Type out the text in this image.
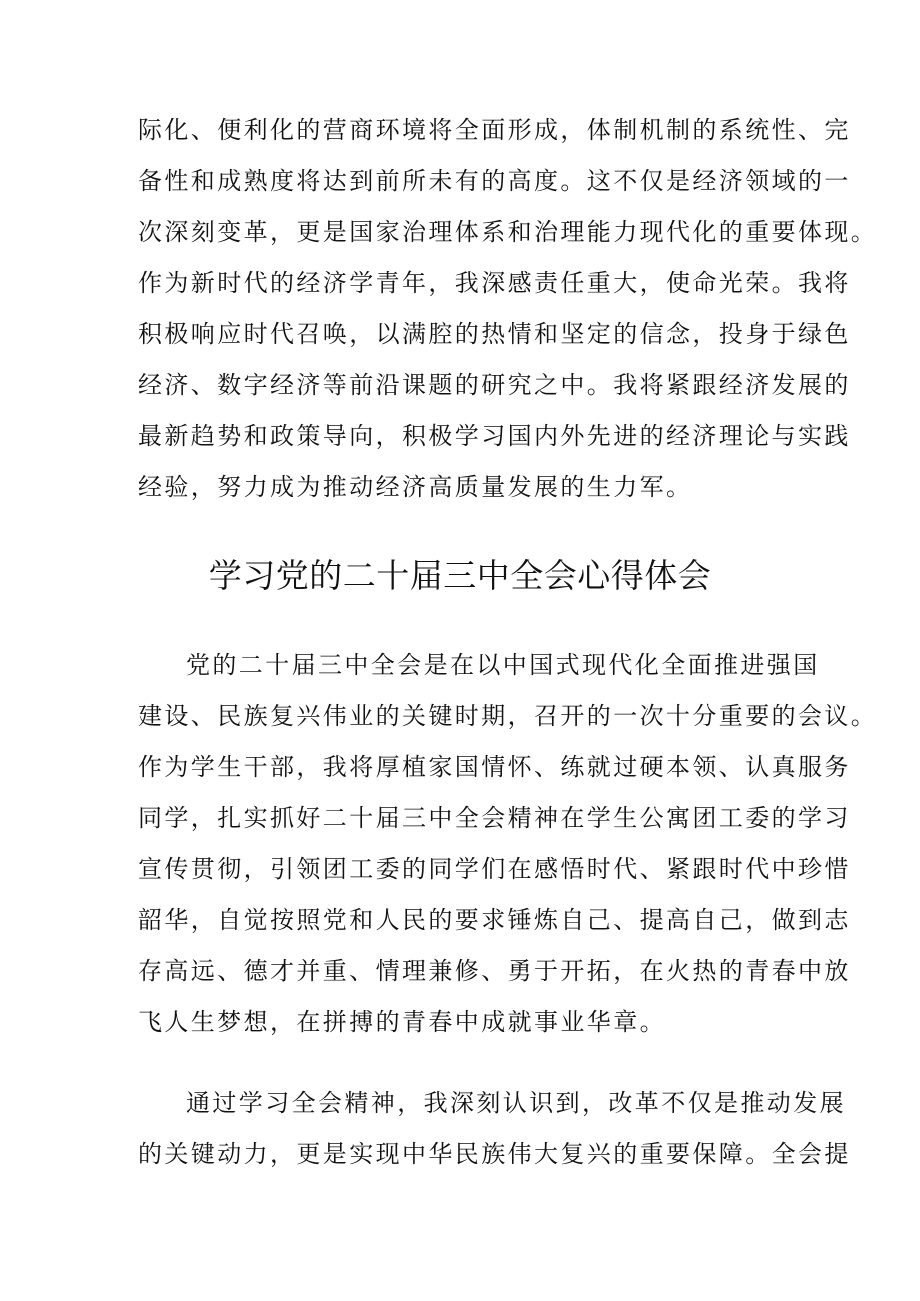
际化、便利化的营商环境将全面形成，体制机制的系统性、完
备性和成熟度将达到前所未有的高度。这不仅是经济领域的一
次深刻变革，更是国家治理体系和治理能力现代化的重要体现。
作为新时代的经济学青年，我深感责任重大，使命光荣。我将
积极响应时代召唤，以满腔的热情和坚定的信念，投身于绿色
经济、数字经济等前沿课题的研究之中。我将紧跟经济发展的
最新趋势和政策导向，积极学习国内外先进的经济理论与实践
经验，努力成为推动经济高质量发展的生力军。
学习党的二十届三中全会心得体会
党的二十届三中全会是在以中国式现代化全面推进强国
建设、民族复兴伟业的关键时期，召开的一次十分重要的会议。
作为学生干部，我将厚植家国情怀、练就过硬本领、认真服务
同学，扎实抓好二十届三中全会精神在学生公寓团工委的学习
宣传贯彻，引领团工委的同学们在感悟时代、紧跟时代中珍惜
韶华，自觉按照党和人民的要求锤炼自己、提高自己，做到志
存高远、德才并重、情理兼修、勇于开拓，在火热的青春中放
飞人生梦想，在拼搏的青春中成就事业华章。
通过学习全会精神，我深刻认识到，改革不仅是推动发展
的关键动力，更是实现中华民族伟大复兴的重要保障。全会提
